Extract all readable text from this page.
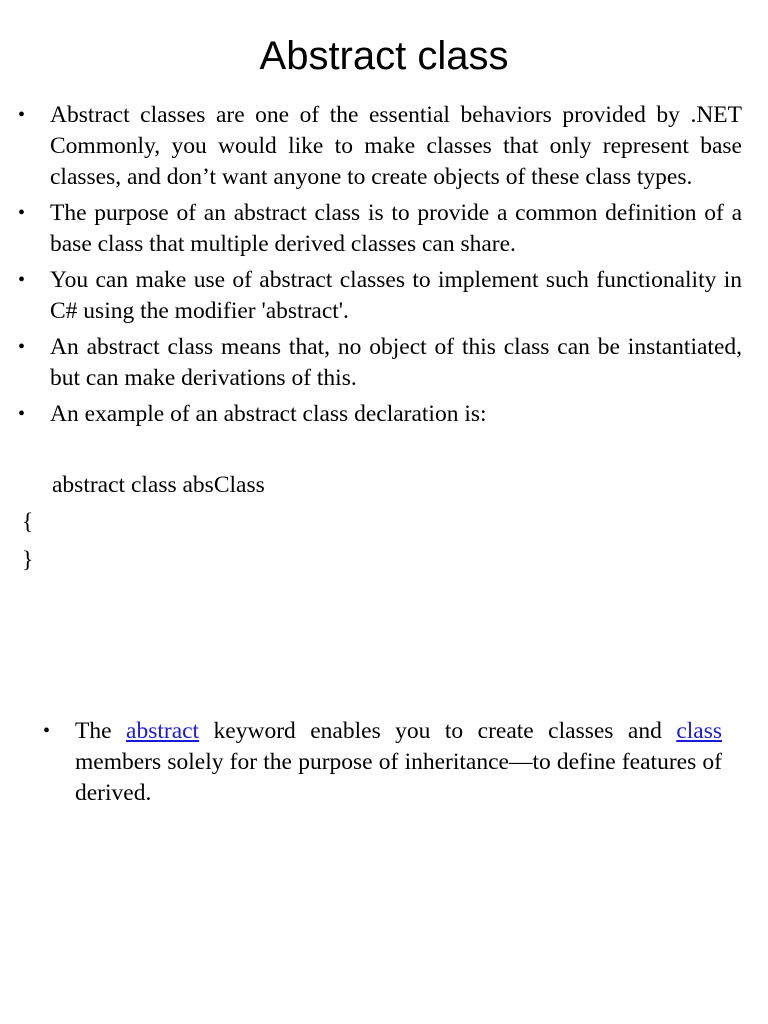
Abstract class
•	Abstract classes are one of the essential behaviors provided by .NET Commonly, you would like to make classes that only represent base classes, and don’t want anyone to create objects of these class types.
•	The purpose of an abstract class is to provide a common definition of a base class that multiple derived classes can share.
•	You can make use of abstract classes to implement such functionality in C# using the modifier 'abstract'.
•	An abstract class means that, no object of this class can be instantiated, but can make derivations of this.
•	An example of an abstract class declaration is:
abstract class absClass
{
}
•	The abstract keyword enables you to create classes and class members solely for the purpose of inheritance—to define features of derived.
